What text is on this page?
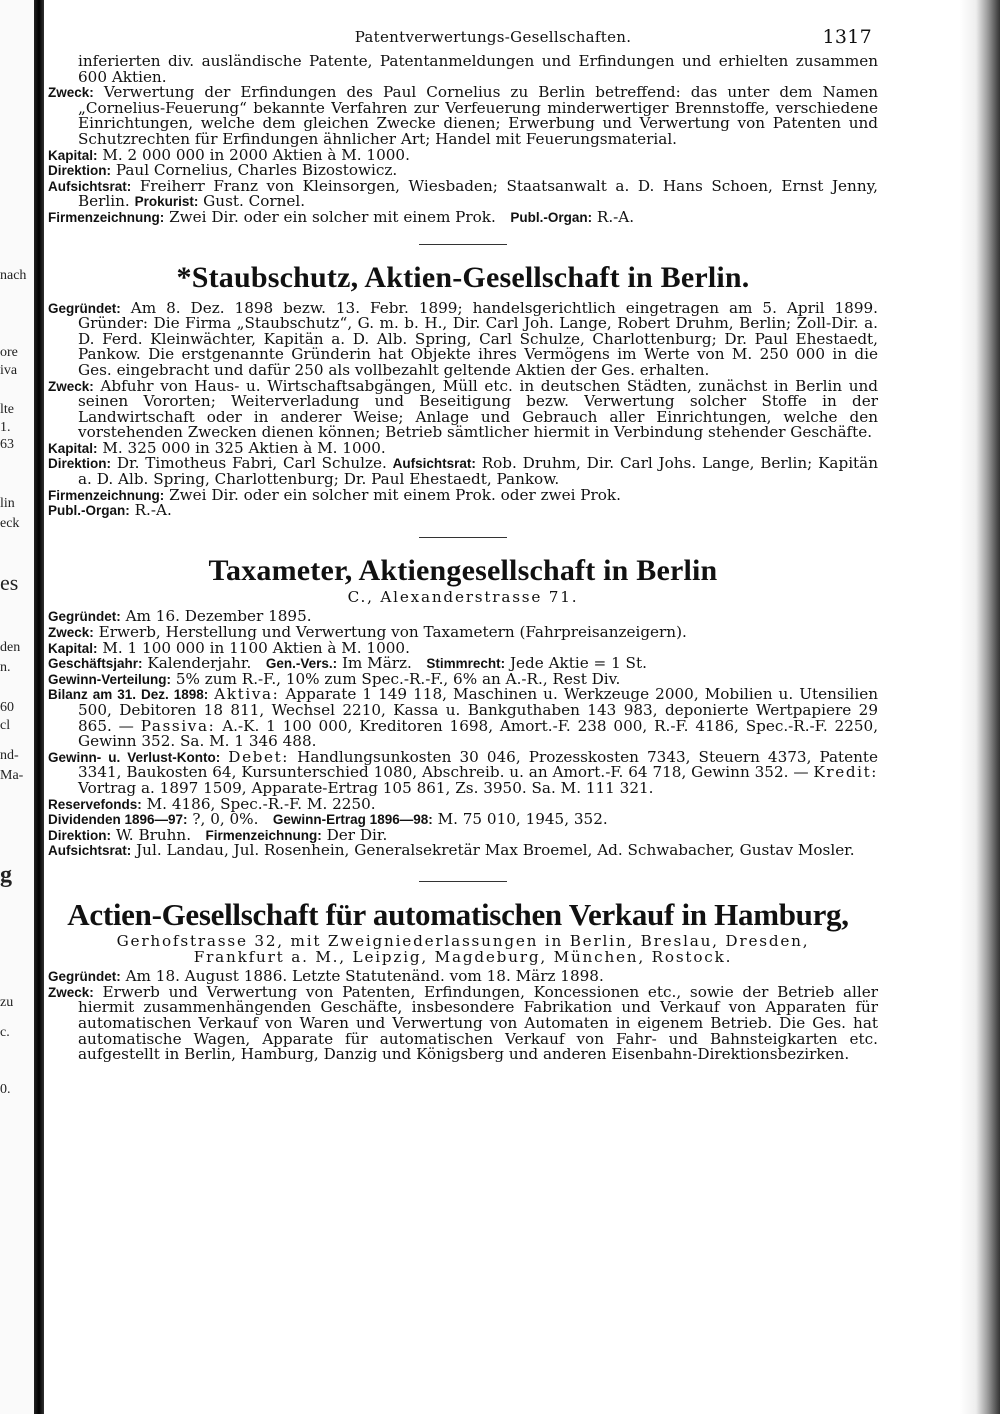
nach
ore
iva
lte
1.
63
lin
eck
es
den
n.
60
cl
nd-
Ma-
g
zu
c.
0.
Patentverwertungs-Gesellschaften.	1317

inferierten div. ausländische Patente, Patentanmeldungen und Erfindungen und erhielten zusammen 600 Aktien.

Zweck: Verwertung der Erfindungen des Paul Cornelius zu Berlin betreffend: das unter dem Namen „Cornelius-Feuerung“ bekannte Verfahren zur Verfeuerung minderwertiger Brennstoffe, verschiedene Einrichtungen, welche dem gleichen Zwecke dienen; Erwerbung und Verwertung von Patenten und Schutzrechten für Erfindungen ähnlicher Art; Handel mit Feuerungsmaterial.

Kapital: M. 2 000 000 in 2000 Aktien à M. 1000.

Direktion: Paul Cornelius, Charles Bizostowicz.

Aufsichtsrat: Freiherr Franz von Kleinsorgen, Wiesbaden; Staatsanwalt a. D. Hans Schoen, Ernst Jenny, Berlin. Prokurist: Gust. Cornel.

Firmenzeichnung: Zwei Dir. oder ein solcher mit einem Prok. Publ.-Organ: R.-A.

*Staubschutz, Aktien-Gesellschaft in Berlin.

Gegründet: Am 8. Dez. 1898 bezw. 13. Febr. 1899; handelsgerichtlich eingetragen am 5. April 1899. Gründer: Die Firma „Staubschutz“, G. m. b. H., Dir. Carl Joh. Lange, Robert Druhm, Berlin; Zoll-Dir. a. D. Ferd. Kleinwächter, Kapitän a. D. Alb. Spring, Carl Schulze, Charlottenburg; Dr. Paul Ehestaedt, Pankow. Die erstgenannte Gründerin hat Objekte ihres Vermögens im Werte von M. 250 000 in die Ges. eingebracht und dafür 250 als vollbezahlt geltende Aktien der Ges. erhalten.

Zweck: Abfuhr von Haus- u. Wirtschaftsabgängen, Müll etc. in deutschen Städten, zunächst in Berlin und seinen Vororten; Weiterverladung und Beseitigung bezw. Verwertung solcher Stoffe in der Landwirtschaft oder in anderer Weise; Anlage und Gebrauch aller Einrichtungen, welche den vorstehenden Zwecken dienen können; Betrieb sämtlicher hiermit in Verbindung stehender Geschäfte.

Kapital: M. 325 000 in 325 Aktien à M. 1000.

Direktion: Dr. Timotheus Fabri, Carl Schulze. Aufsichtsrat: Rob. Druhm, Dir. Carl Johs. Lange, Berlin; Kapitän a. D. Alb. Spring, Charlottenburg; Dr. Paul Ehestaedt, Pankow.

Firmenzeichnung: Zwei Dir. oder ein solcher mit einem Prok. oder zwei Prok.

Publ.-Organ: R.-A.

Taxameter, Aktiengesellschaft in Berlin

C., Alexanderstrasse 71.

Gegründet: Am 16. Dezember 1895.

Zweck: Erwerb, Herstellung und Verwertung von Taxametern (Fahrpreisanzeigern).

Kapital: M. 1 100 000 in 1100 Aktien à M. 1000.

Geschäftsjahr: Kalenderjahr. Gen.-Vers.: Im März. Stimmrecht: Jede Aktie = 1 St.

Gewinn-Verteilung: 5% zum R.-F., 10% zum Spec.-R.-F., 6% an A.-R., Rest Div.

Bilanz am 31. Dez. 1898: Aktiva: Apparate 1 149 118, Maschinen u. Werkzeuge 2000, Mobilien u. Utensilien 500, Debitoren 18 811, Wechsel 2210, Kassa u. Bankguthaben 143 983, deponierte Wertpapiere 29 865. — Passiva: A.-K. 1 100 000, Kreditoren 1698, Amort.-F. 238 000, R.-F. 4186, Spec.-R.-F. 2250, Gewinn 352. Sa. M. 1 346 488.

Gewinn- u. Verlust-Konto: Debet: Handlungsunkosten 30 046, Prozesskosten 7343, Steuern 4373, Patente 3341, Baukosten 64, Kursunterschied 1080, Abschreib. u. an Amort.-F. 64 718, Gewinn 352. — Kredit: Vortrag a. 1897 1509, Apparate-Ertrag 105 861, Zs. 3950. Sa. M. 111 321.

Reservefonds: M. 4186, Spec.-R.-F. M. 2250.

Dividenden 1896—97: ?, 0, 0%. Gewinn-Ertrag 1896—98: M. 75 010, 1945, 352.

Direktion: W. Bruhn. Firmenzeichnung: Der Dir.

Aufsichtsrat: Jul. Landau, Jul. Rosenhein, Generalsekretär Max Broemel, Ad. Schwabacher, Gustav Mosler.

Actien-Gesellschaft für automatischen Verkauf in Hamburg,

Gerhofstrasse 32, mit Zweigniederlassungen in Berlin, Breslau, Dresden, Frankfurt a. M., Leipzig, Magdeburg, München, Rostock.

Gegründet: Am 18. August 1886. Letzte Statutenänd. vom 18. März 1898.

Zweck: Erwerb und Verwertung von Patenten, Erfindungen, Koncessionen etc., sowie der Betrieb aller hiermit zusammenhängenden Geschäfte, insbesondere Fabrikation und Verkauf von Apparaten für automatischen Verkauf von Waren und Verwertung von Automaten in eigenem Betrieb. Die Ges. hat automatische Wagen, Apparate für automatischen Verkauf von Fahr- und Bahnsteigkarten etc. aufgestellt in Berlin, Hamburg, Danzig und Königsberg und anderen Eisenbahn-Direktionsbezirken.
